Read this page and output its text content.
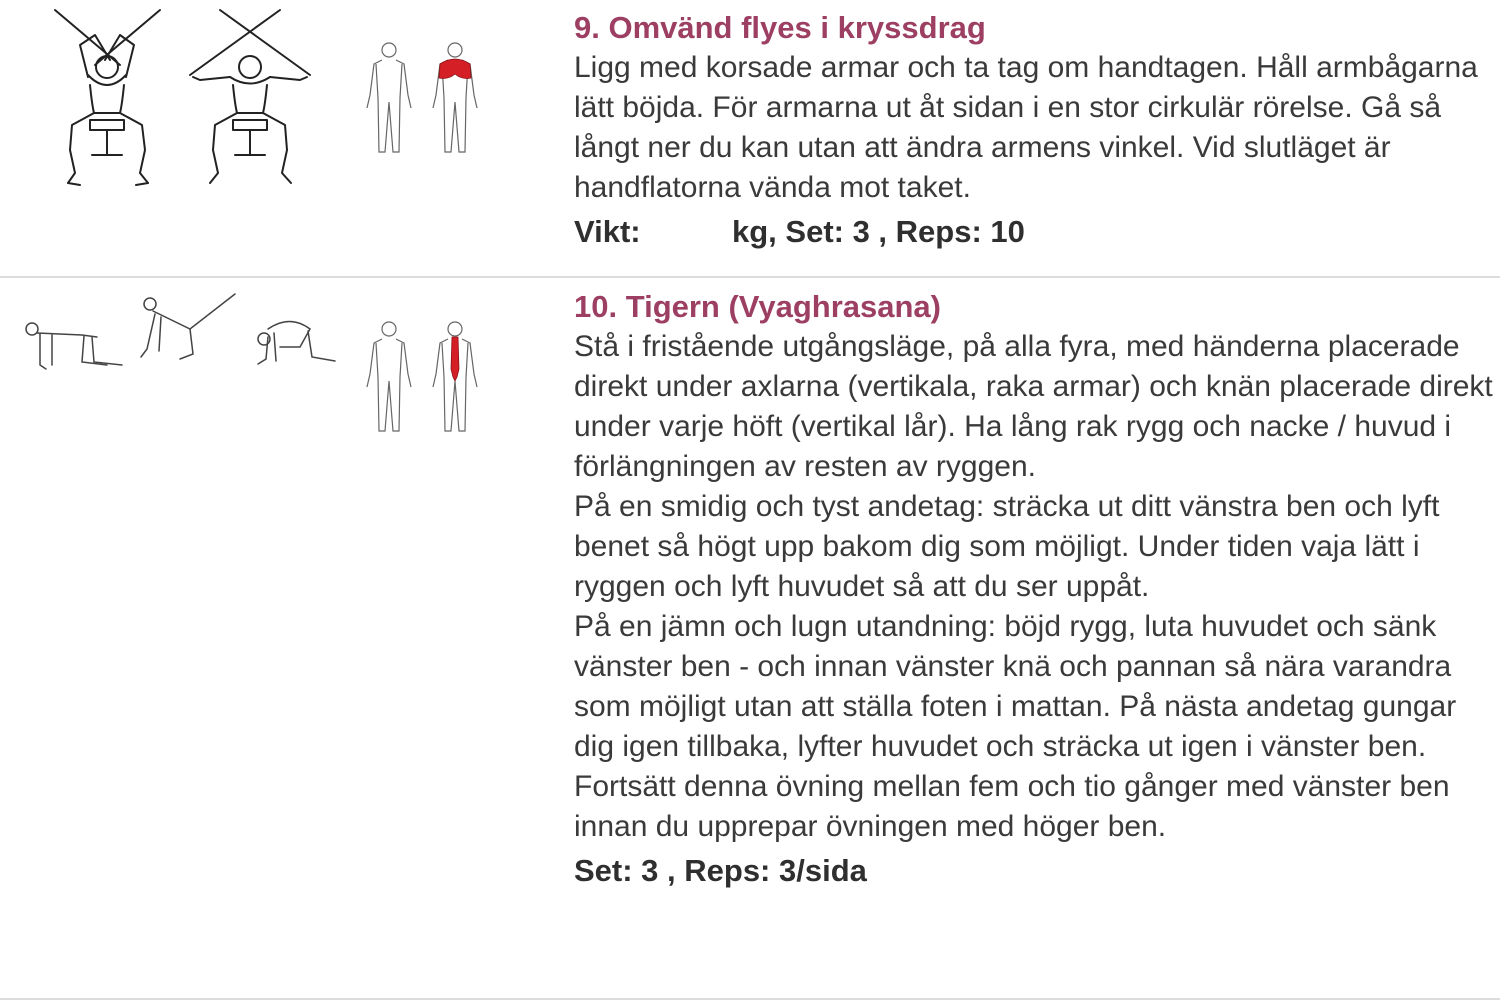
9. Omvänd flyes i kryssdrag
Ligg med korsade armar och ta tag om handtagen. Håll armbågarna lätt böjda. För armarna ut åt sidan i en stor cirkulär rörelse. Gå så långt ner du kan utan att ändra armens vinkel. Vid slutläget är handflatorna vända mot taket.
Vikt:	kg, Set: 3 , Reps: 10
10. Tigern (Vyaghrasana)
Stå i fristående utgångsläge, på alla fyra, med händerna placerade direkt under axlarna (vertikala, raka armar) och knän placerade direkt under varje höft (vertikal lår). Ha lång rak rygg och nacke / huvud i förlängningen av resten av ryggen.
På en smidig och tyst andetag: sträcka ut ditt vänstra ben och lyft benet så högt upp bakom dig som möjligt. Under tiden vaja lätt i ryggen och lyft huvudet så att du ser uppåt.
På en jämn och lugn utandning: böjd rygg, luta huvudet och sänk vänster ben - och innan vänster knä och pannan så nära varandra som möjligt utan att ställa foten i mattan. På nästa andetag gungar dig igen tillbaka, lyfter huvudet och sträcka ut igen i vänster ben. Fortsätt denna övning mellan fem och tio gånger med vänster ben innan du upprepar övningen med höger ben.
Set: 3 , Reps: 3/sida
